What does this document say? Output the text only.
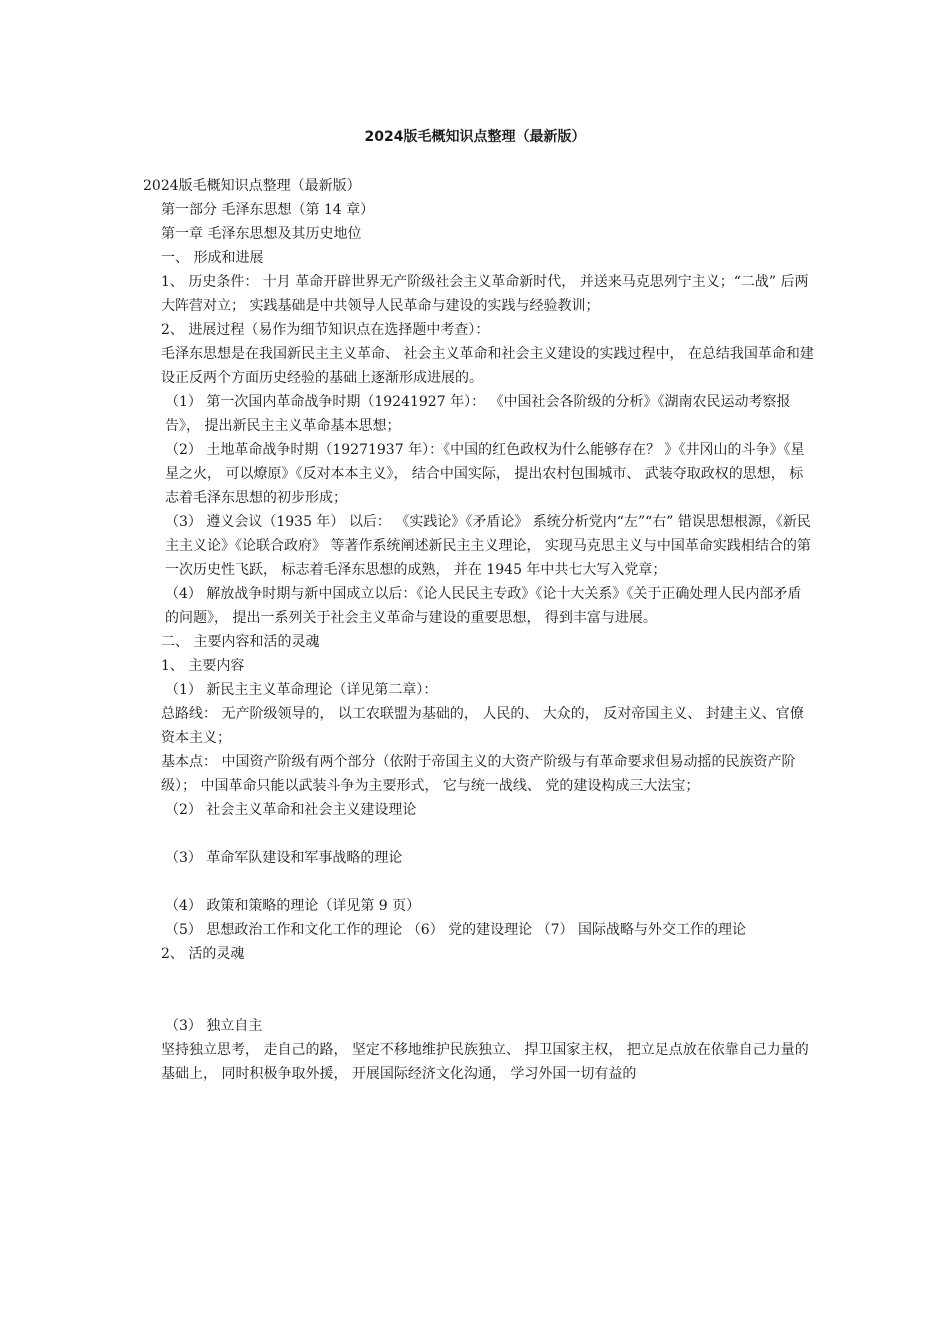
2024版毛概知识点整理（最新版）

2024版毛概知识点整理（最新版）

第一部分 毛泽东思想（第 14 章）

第一章 毛泽东思想及其历史地位

一、 形成和进展

1、 历史条件： 十月 革命开辟世界无产阶级社会主义革命新时代， 并送来马克思列宁主义；“二战” 后两大阵营对立； 实践基础是中共领导人民革命与建设的实践与经验教训；

2、 进展过程（易作为细节知识点在选择题中考查）：

毛泽东思想是在我国新民主主义革命、 社会主义革命和社会主义建设的实践过程中， 在总结我国革命和建设正反两个方面历史经验的基础上逐渐形成进展的。

（1） 第一次国内革命战争时期（19241927 年）： 《中国社会各阶级的分析》《湖南农民运动考察报告》， 提出新民主主义革命基本思想；

（2） 土地革命战争时期（19271937 年）：《中国的红色政权为什么能够存在？ 》《井冈山的斗争》《星星之火， 可以燎原》《反对本本主义》， 结合中国实际， 提出农村包围城市、 武装夺取政权的思想， 标志着毛泽东思想的初步形成；

（3） 遵义会议（1935 年） 以后： 《实践论》《矛盾论》 系统分析党内“左”“右” 错误思想根源，《新民主主义论》《论联合政府》 等著作系统阐述新民主主义理论， 实现马克思主义与中国革命实践相结合的第一次历史性飞跃， 标志着毛泽东思想的成熟， 并在 1945 年中共七大写入党章；

（4） 解放战争时期与新中国成立以后：《论人民民主专政》《论十大关系》《关于正确处理人民内部矛盾的问题》， 提出一系列关于社会主义革命与建设的重要思想， 得到丰富与进展。

二、 主要内容和活的灵魂

1、 主要内容

（1） 新民主主义革命理论（详见第二章）：

总路线： 无产阶级领导的， 以工农联盟为基础的， 人民的、 大众的， 反对帝国主义、 封建主义、官僚资本主义；

基本点： 中国资产阶级有两个部分（依附于帝国主义的大资产阶级与有革命要求但易动摇的民族资产阶级）； 中国革命只能以武装斗争为主要形式， 它与统一战线、 党的建设构成三大法宝；

（2） 社会主义革命和社会主义建设理论

（3） 革命军队建设和军事战略的理论

（4） 政策和策略的理论（详见第 9 页）

（5） 思想政治工作和文化工作的理论 （6） 党的建设理论 （7） 国际战略与外交工作的理论

2、 活的灵魂

（3） 独立自主

坚持独立思考， 走自己的路， 坚定不移地维护民族独立、 捍卫国家主权， 把立足点放在依靠自己力量的基础上， 同时积极争取外援， 开展国际经济文化沟通， 学习外国一切有益的
